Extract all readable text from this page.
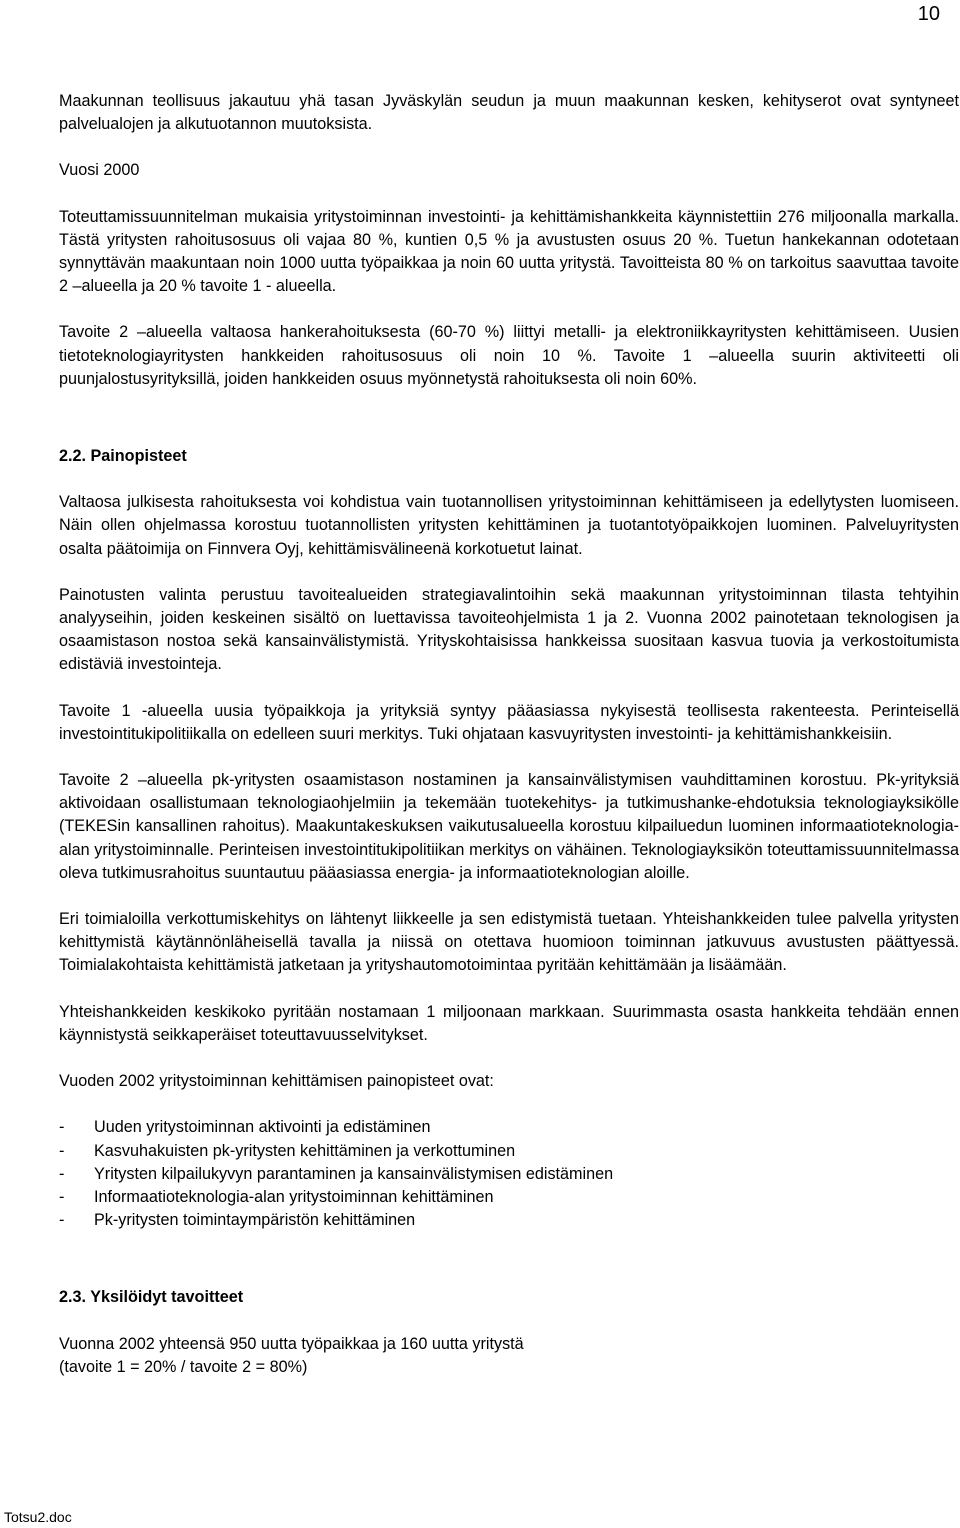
10

Maakunnan teollisuus jakautuu yhä tasan Jyväskylän seudun ja muun maakunnan kesken, kehityserot ovat syntyneet palvelualojen ja alkutuotannon muutoksista.

Vuosi 2000

Toteuttamissuunnitelman mukaisia yritystoiminnan investointi- ja kehittämishankkeita käynnistettiin 276 miljoonalla markalla. Tästä yritysten rahoitusosuus oli vajaa 80 %, kuntien 0,5 % ja avustusten osuus 20 %. Tuetun hankekannan odotetaan synnyttävän maakuntaan noin 1000 uutta työpaikkaa ja noin 60 uutta yritystä. Tavoitteista 80 % on tarkoitus saavuttaa tavoite 2 –alueella ja 20 % tavoite 1 - alueella.

Tavoite 2 –alueella valtaosa hankerahoituksesta (60-70 %) liittyi metalli- ja elektroniikkayritysten kehittämiseen. Uusien tietoteknologiayritysten hankkeiden rahoitusosuus oli noin 10 %. Tavoite 1 –alueella suurin aktiviteetti oli puunjalostusyrityksillä, joiden hankkeiden osuus myönnetystä rahoituksesta oli noin 60%.

2.2. Painopisteet

Valtaosa julkisesta rahoituksesta voi kohdistua vain tuotannollisen yritystoiminnan kehittämiseen ja edellytysten luomiseen. Näin ollen ohjelmassa korostuu tuotannollisten yritysten kehittäminen ja tuotantotyöpaikkojen luominen. Palveluyritysten osalta päätoimija on Finnvera Oyj, kehittämisvälineenä korkotuetut lainat.

Painotusten valinta perustuu tavoitealueiden strategiavalintoihin sekä maakunnan yritystoiminnan tilasta tehtyihin analyyseihin, joiden keskeinen sisältö on luettavissa tavoiteohjelmista 1 ja 2. Vuonna 2002 painotetaan teknologisen ja osaamistason nostoa sekä kansainvälistymistä. Yrityskohtaisissa hankkeissa suositaan kasvua tuovia ja verkostoitumista edistäviä investointeja.

Tavoite 1 -alueella uusia työpaikkoja ja yrityksiä syntyy pääasiassa nykyisestä teollisesta rakenteesta. Perinteisellä investointitukipolitiikalla on edelleen suuri merkitys. Tuki ohjataan kasvuyritysten investointi- ja kehittämishankkeisiin.

Tavoite 2 –alueella pk-yritysten osaamistason nostaminen ja kansainvälistymisen vauhdittaminen korostuu. Pk-yrityksiä aktivoidaan osallistumaan teknologiaohjelmiin ja tekemään tuotekehitys- ja tutkimushanke-ehdotuksia teknologiayksikölle (TEKESin kansallinen rahoitus). Maakuntakeskuksen vaikutusalueella korostuu kilpailuedun luominen informaatioteknologia-alan yritystoiminnalle. Perinteisen investointitukipolitiikan merkitys on vähäinen. Teknologiayksikön toteuttamissuunnitelmassa oleva tutkimusrahoitus suuntautuu pääasiassa energia- ja informaatioteknologian aloille.

Eri toimialoilla verkottumiskehitys on lähtenyt liikkeelle ja sen edistymistä tuetaan. Yhteishankkeiden tulee palvella yritysten kehittymistä käytännönläheisellä tavalla ja niissä on otettava huomioon toiminnan jatkuvuus avustusten päättyessä. Toimialakohtaista kehittämistä jatketaan ja yrityshautomotoimintaa pyritään kehittämään ja lisäämään.

Yhteishankkeiden keskikoko pyritään nostamaan 1 miljoonaan markkaan. Suurimmasta osasta hankkeita tehdään ennen käynnistystä seikkaperäiset toteuttavuusselvitykset.

Vuoden 2002 yritystoiminnan kehittämisen painopisteet ovat:

- Uuden yritystoiminnan aktivointi ja edistäminen
- Kasvuhakuisten pk-yritysten kehittäminen ja verkottuminen
- Yritysten kilpailukyvyn parantaminen ja kansainvälistymisen edistäminen
- Informaatioteknologia-alan yritystoiminnan kehittäminen
- Pk-yritysten toimintaympäristön kehittäminen

2.3. Yksilöidyt tavoitteet

Vuonna 2002 yhteensä 950 uutta työpaikkaa ja 160 uutta yritystä

(tavoite 1 = 20% / tavoite 2 = 80%)

Totsu2.doc
